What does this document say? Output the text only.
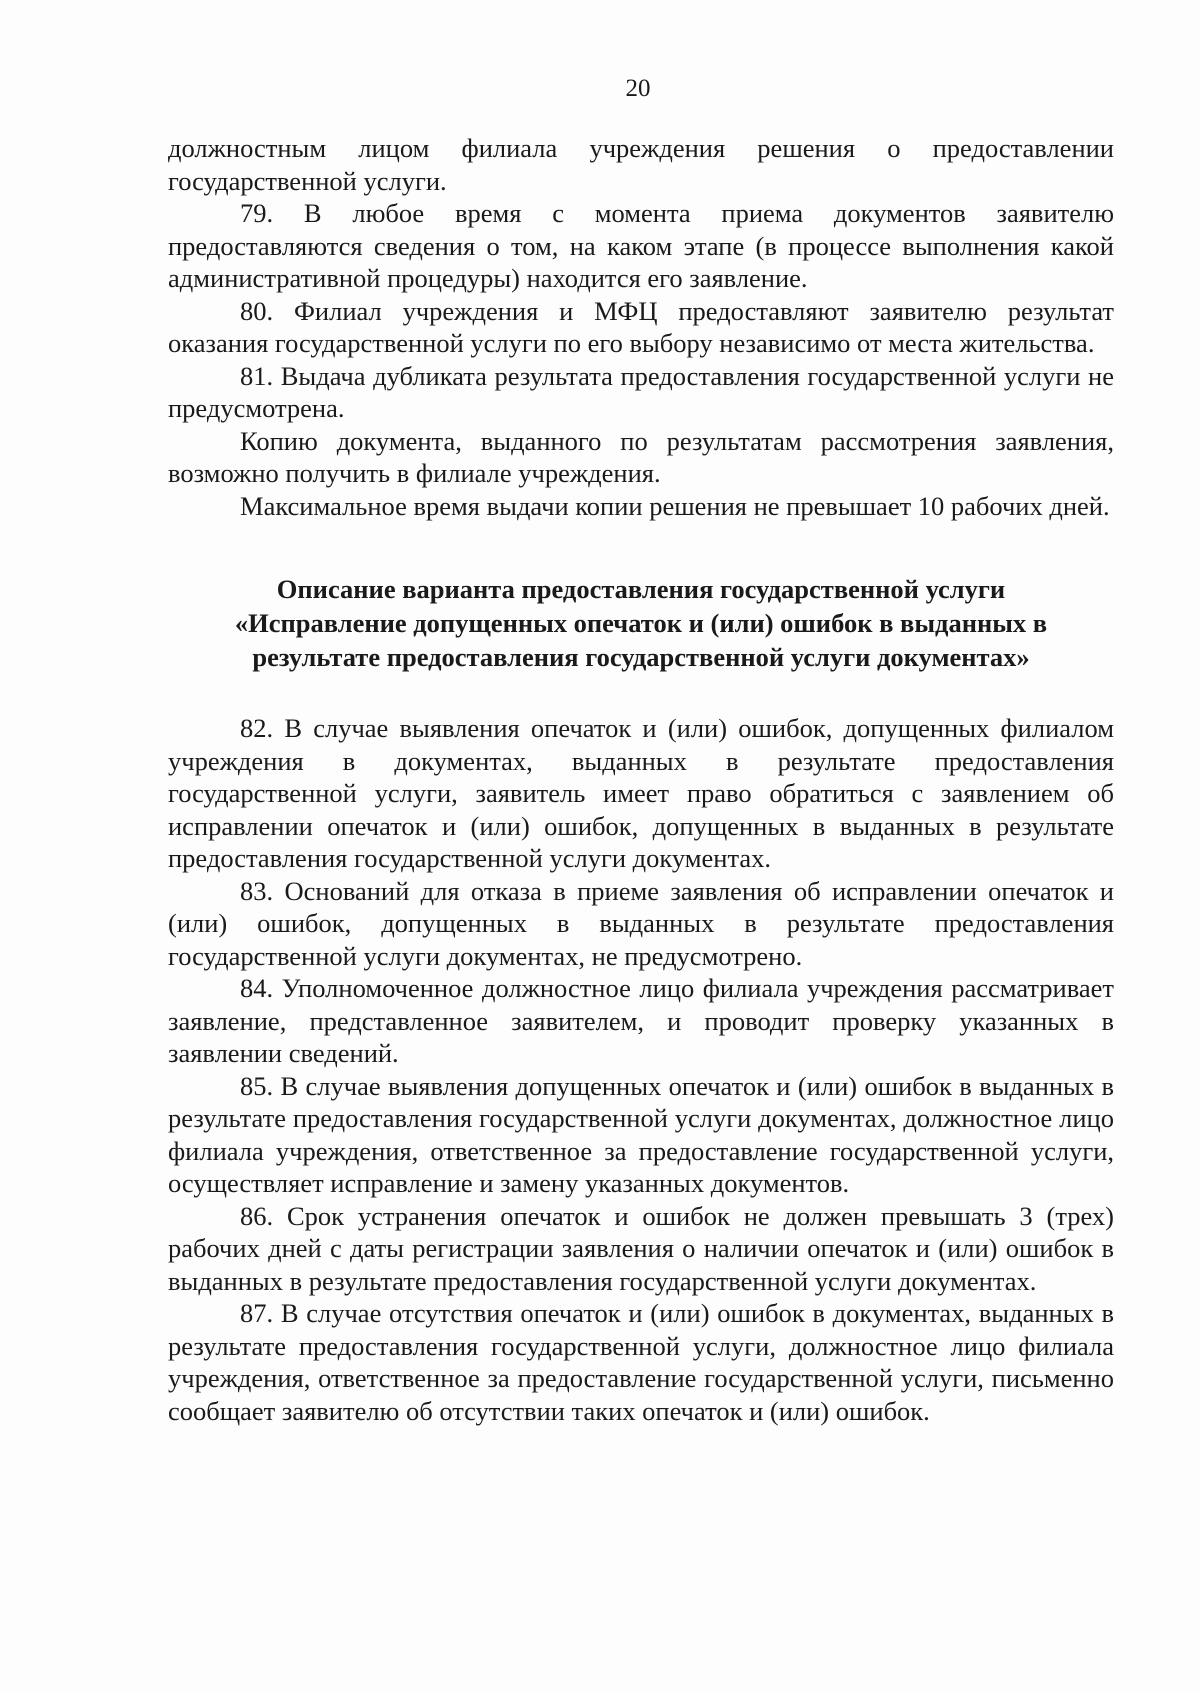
20

должностным лицом филиала учреждения решения о предоставлении государственной услуги.

79. В любое время с момента приема документов заявителю предоставляются сведения о том, на каком этапе (в процессе выполнения какой административной процедуры) находится его заявление.

80. Филиал учреждения и МФЦ предоставляют заявителю результат оказания государственной услуги по его выбору независимо от места жительства.

81. Выдача дубликата результата предоставления государственной услуги не предусмотрена.

Копию документа, выданного по результатам рассмотрения заявления, возможно получить в филиале учреждения.

Максимальное время выдачи копии решения не превышает 10 рабочих дней.

Описание варианта предоставления государственной услуги
«Исправление допущенных опечаток и (или) ошибок в выданных в
результате предоставления государственной услуги документах»

82. В случае выявления опечаток и (или) ошибок, допущенных филиалом учреждения в документах, выданных в результате предоставления государственной услуги, заявитель имеет право обратиться с заявлением об исправлении опечаток и (или) ошибок, допущенных в выданных в результате предоставления государственной услуги документах.

83. Оснований для отказа в приеме заявления об исправлении опечаток и (или) ошибок, допущенных в выданных в результате предоставления государственной услуги документах, не предусмотрено.

84. Уполномоченное должностное лицо филиала учреждения рассматривает заявление, представленное заявителем, и проводит проверку указанных в заявлении сведений.

85. В случае выявления допущенных опечаток и (или) ошибок в выданных в результате предоставления государственной услуги документах, должностное лицо филиала учреждения, ответственное за предоставление государственной услуги, осуществляет исправление и замену указанных документов.

86. Срок устранения опечаток и ошибок не должен превышать 3 (трех) рабочих дней с даты регистрации заявления о наличии опечаток и (или) ошибок в выданных в результате предоставления государственной услуги документах.

87. В случае отсутствия опечаток и (или) ошибок в документах, выданных в результате предоставления государственной услуги, должностное лицо филиала учреждения, ответственное за предоставление государственной услуги, письменно сообщает заявителю об отсутствии таких опечаток и (или) ошибок.
